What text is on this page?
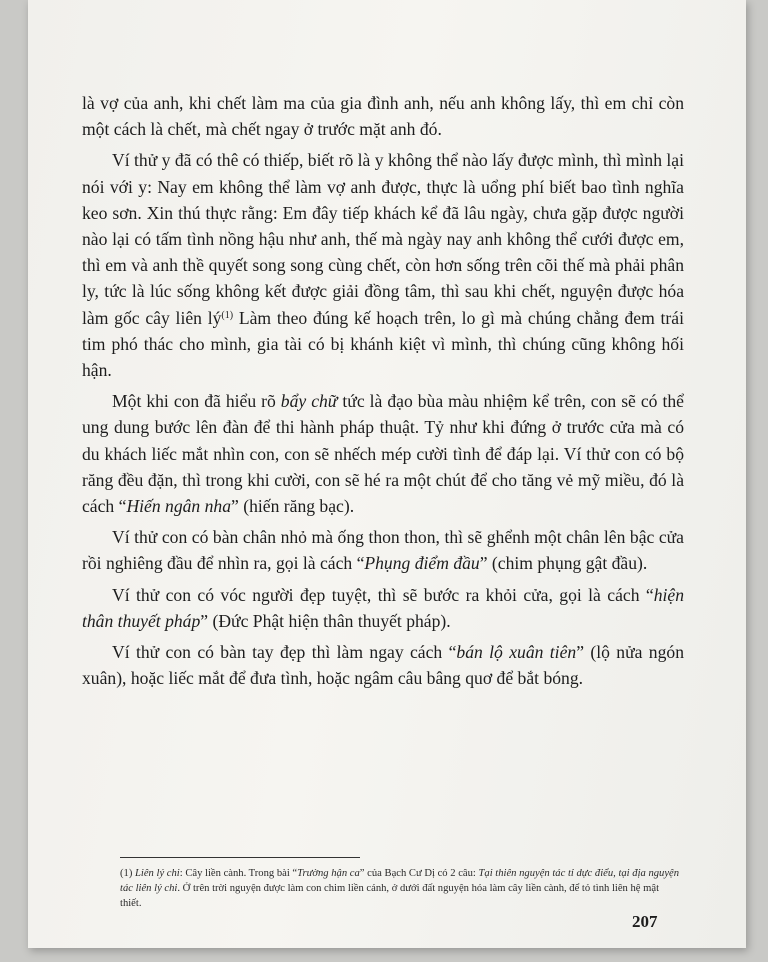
là vợ của anh, khi chết làm ma của gia đình anh, nếu anh không lấy, thì em chỉ còn một cách là chết, mà chết ngay ở trước mặt anh đó.

Ví thử y đã có thê có thiếp, biết rõ là y không thể nào lấy được mình, thì mình lại nói với y: Nay em không thể làm vợ anh được, thực là uổng phí biết bao tình nghĩa keo sơn. Xin thú thực rằng: Em đây tiếp khách kể đã lâu ngày, chưa gặp được người nào lại có tấm tình nồng hậu như anh, thế mà ngày nay anh không thể cưới được em, thì em và anh thề quyết song song cùng chết, còn hơn sống trên cõi thế mà phải phân ly, tức là lúc sống không kết được giải đồng tâm, thì sau khi chết, nguyện được hóa làm gốc cây liên $lý^{(1)}$ Làm theo đúng kế hoạch trên, lo gì mà chúng chẳng đem trái tim phó thác cho mình, gia tài có bị khánh kiệt vì mình, thì chúng cũng không hối hận.

Một khi con đã hiểu rõ bẩy chữ tức là đạo bùa màu nhiệm kể trên, con sẽ có thể ung dung bước lên đàn để thi hành pháp thuật. Tỷ như khi đứng ở trước cửa mà có du khách liếc mắt nhìn con, con sẽ nhếch mép cười tình để đáp lại. Ví thử con có bộ răng đều đặn, thì trong khi cười, con sẽ hé ra một chút để cho tăng vẻ mỹ miều, đó là cách “Hiến ngân nha” (hiến răng bạc).

Ví thử con có bàn chân nhỏ mà ống thon thon, thì sẽ ghểnh một chân lên bậc cửa rồi nghiêng đầu để nhìn ra, gọi là cách “Phụng điểm đầu” (chim phụng gật đầu).

Ví thử con có vóc người đẹp tuyệt, thì sẽ bước ra khỏi cửa, gọi là cách “hiện thân thuyết pháp” (Đức Phật hiện thân thuyết pháp).

Ví thử con có bàn tay đẹp thì làm ngay cách “bán lộ xuân tiên” (lộ nửa ngón xuân), hoặc liếc mắt để đưa tình, hoặc ngâm câu bâng quơ để bắt bóng.

(1) Liên lý chi: Cây liền cành. Trong bài “Trường hận ca” của Bạch Cư Dị có 2 câu: Tại thiên nguyện tác tỉ dực điểu, tại địa nguyện tác liên lý chi. Ở trên trời nguyện được làm con chim liền cánh, ở dưới đất nguyện hóa làm cây liền cành, để tỏ tình liên hệ mật thiết.

207
